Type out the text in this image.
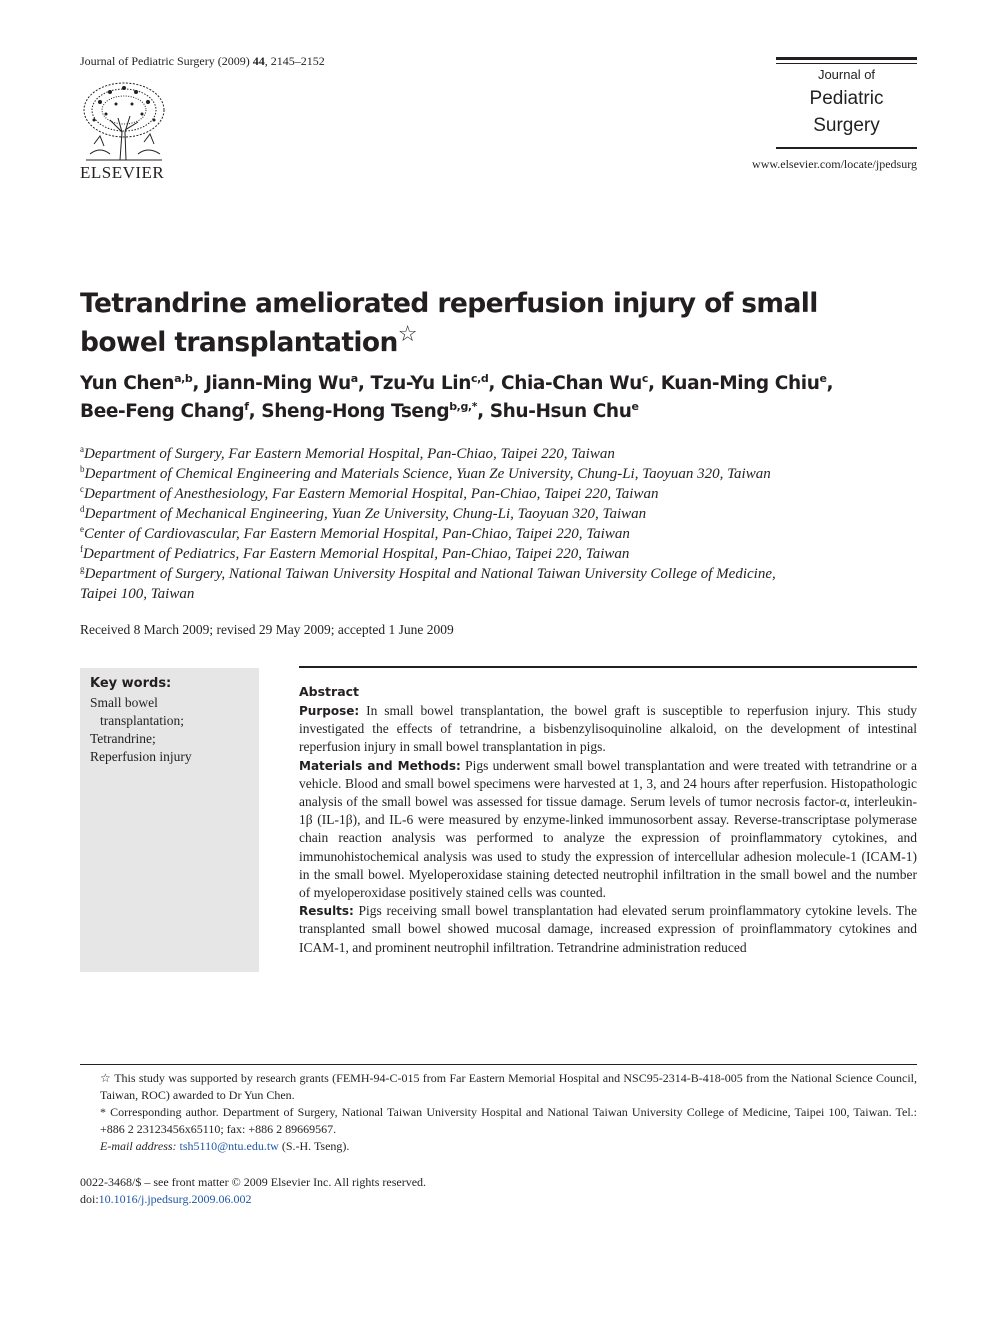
Journal of Pediatric Surgery (2009) 44, 2145–2152
ELSEVIER
Journal of
Pediatric
Surgery
www.elsevier.com/locate/jpedsurg
Tetrandrine ameliorated reperfusion injury of small
bowel transplantation☆
Yun Chen$^{a,b}$, Jiann-Ming Wu$^a$, Tzu-Yu Lin$^{c,d}$, Chia-Chan Wu$^c$, Kuan-Ming Chiu$^e$,
Bee-Feng Chang$^f$, Sheng-Hong Tseng$^{b,g,*}$, Shu-Hsun Chu$^e$
$^a$Department of Surgery, Far Eastern Memorial Hospital, Pan-Chiao, Taipei 220, Taiwan
$^b$Department of Chemical Engineering and Materials Science, Yuan Ze University, Chung-Li, Taoyuan 320, Taiwan
$^c$Department of Anesthesiology, Far Eastern Memorial Hospital, Pan-Chiao, Taipei 220, Taiwan
$^d$Department of Mechanical Engineering, Yuan Ze University, Chung-Li, Taoyuan 320, Taiwan
$^e$Center of Cardiovascular, Far Eastern Memorial Hospital, Pan-Chiao, Taipei 220, Taiwan
$^f$Department of Pediatrics, Far Eastern Memorial Hospital, Pan-Chiao, Taipei 220, Taiwan
$^g$Department of Surgery, National Taiwan University Hospital and National Taiwan University College of Medicine,
Taipei 100, Taiwan
Received 8 March 2009; revised 29 May 2009; accepted 1 June 2009
Key words:
Small bowel
transplantation;
Tetrandrine;
Reperfusion injury
Abstract

Purpose: In small bowel transplantation, the bowel graft is susceptible to reperfusion injury. This study investigated the effects of tetrandrine, a bisbenzylisoquinoline alkaloid, on the development of intestinal reperfusion injury in small bowel transplantation in pigs.

Materials and Methods: Pigs underwent small bowel transplantation and were treated with tetrandrine or a vehicle. Blood and small bowel specimens were harvested at 1, 3, and 24 hours after reperfusion. Histopathologic analysis of the small bowel was assessed for tissue damage. Serum levels of tumor necrosis factor-α, interleukin-1β (IL-1β), and IL-6 were measured by enzyme-linked immunosorbent assay. Reverse-transcriptase polymerase chain reaction analysis was performed to analyze the expression of proinflammatory cytokines, and immunohistochemical analysis was used to study the expression of intercellular adhesion molecule-1 (ICAM-1) in the small bowel. Myeloperoxidase staining detected neutrophil infiltration in the small bowel and the number of myeloperoxidase positively stained cells was counted.

Results: Pigs receiving small bowel transplantation had elevated serum proinflammatory cytokine levels. The transplanted small bowel showed mucosal damage, increased expression of proinflammatory cytokines and ICAM-1, and prominent neutrophil infiltration. Tetrandrine administration reduced

☆ This study was supported by research grants (FEMH-94-C-015 from Far Eastern Memorial Hospital and NSC95-2314-B-418-005 from the National Science Council, Taiwan, ROC) awarded to Dr Yun Chen.

* Corresponding author. Department of Surgery, National Taiwan University Hospital and National Taiwan University College of Medicine, Taipei 100, Taiwan. Tel.: +886 2 23123456x65110; fax: +886 2 89669567.

E-mail address: tsh5110@ntu.edu.tw (S.-H. Tseng).

0022-3468/$ – see front matter © 2009 Elsevier Inc. All rights reserved.
doi:10.1016/j.jpedsurg.2009.06.002
